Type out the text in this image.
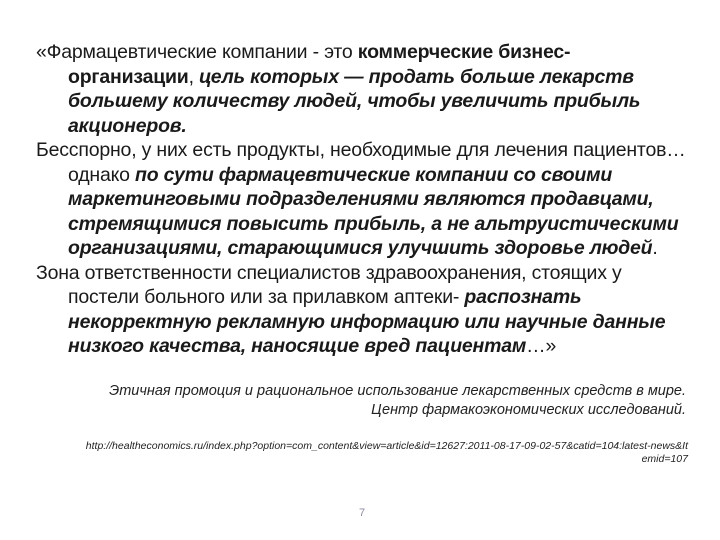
«Фармацевтические компании - это коммерческие бизнес-организации, цель которых — продать больше лекарств большему количеству людей, чтобы увеличить прибыль акционеров.

Бесспорно, у них есть продукты, необходимые для лечения пациентов… однако по сути фармацевтические компании со своими маркетинговыми подразделениями являются продавцами, стремящимися повысить прибыль, а не альтруистическими организациями, старающимися улучшить здоровье людей.

Зона ответственности специалистов здравоохранения, стоящих у постели больного или за прилавком аптеки- распознать некорректную рекламную информацию или научные данные низкого качества, наносящие вред пациентам…»

Этичная промоция и рациональное использование лекарственных средств в мире.
Центр фармакоэкономических исследований.
http://healtheconomics.ru/index.php?option=com_content&view=article&id=12627:2011-08-17-09-02-57&catid=104:latest-news&Itemid=107
7
